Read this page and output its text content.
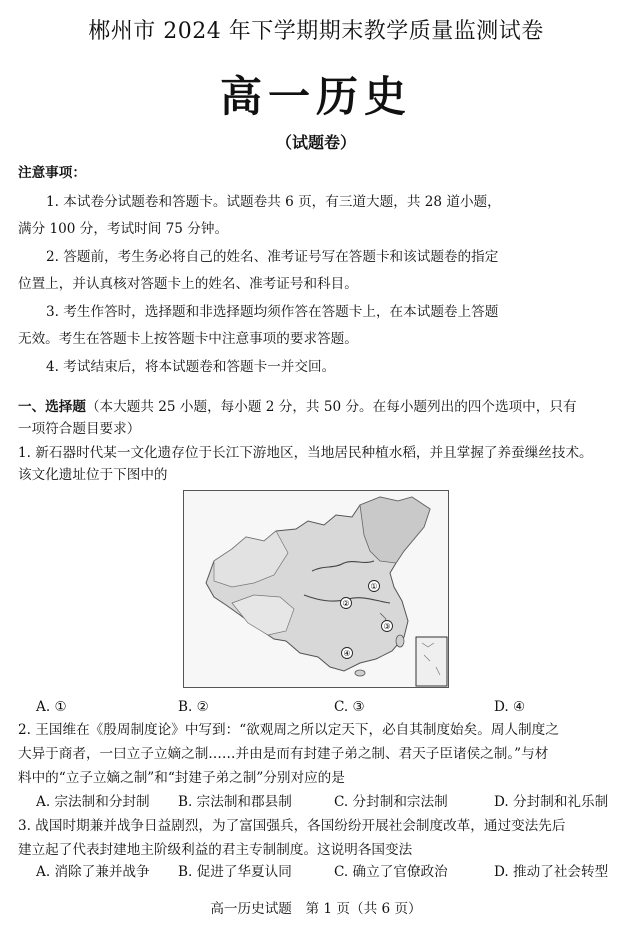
郴州市 2024 年下学期期末教学质量监测试卷
高一历史
（试题卷）
注意事项：
1. 本试卷分试题卷和答题卡。试题卷共 6 页，有三道大题，共 28 道小题，
满分 100 分，考试时间 75 分钟。
2. 答题前，考生务必将自己的姓名、准考证号写在答题卡和该试题卷的指定
位置上，并认真核对答题卡上的姓名、准考证号和科目。
3. 考生作答时，选择题和非选择题均须作答在答题卡上，在本试题卷上答题
无效。考生在答题卡上按答题卡中注意事项的要求答题。
4. 考试结束后，将本试题卷和答题卡一并交回。
一、选择题（本大题共 25 小题，每小题 2 分，共 50 分。在每小题列出的四个选项中，只有
一项符合题目要求）
1. 新石器时代某一文化遗存位于长江下游地区，当地居民种植水稻，并且掌握了养蚕缫丝技术。
该文化遗址位于下图中的
①
②
③
④
A. ①	B. ②	C. ③	D. ④
2. 王国维在《殷周制度论》中写到：“欲观周之所以定天下，必自其制度始矣。周人制度之
大异于商者，一曰立子立嫡之制……并由是而有封建子弟之制、君天子臣诸侯之制。”与材
料中的“立子立嫡之制”和“封建子弟之制”分别对应的是
A. 宗法制和分封制 B. 宗法制和郡县制	C. 分封制和宗法制	D. 分封制和礼乐制
3. 战国时期兼并战争日益剧烈，为了富国强兵，各国纷纷开展社会制度改革，通过变法先后
建立起了代表封建地主阶级利益的君主专制制度。这说明各国变法
A. 消除了兼并战争 B. 促进了华夏认同	C. 确立了官僚政治	D. 推动了社会转型
高一历史试题　第 1 页（共 6 页）
